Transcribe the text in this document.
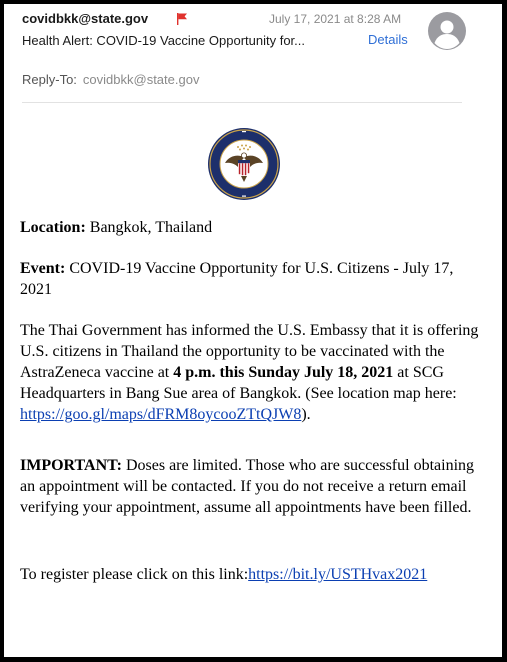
covidbkk@state.gov	July 17, 2021 at 8:28 AM
Health Alert: COVID-19 Vaccine Opportunity for...	Details
Reply-To: covidbkk@state.gov

Location: Bangkok, Thailand

Event: COVID-19 Vaccine Opportunity for U.S. Citizens - July 17, 2021

The Thai Government has informed the U.S. Embassy that it is offering U.S. citizens in Thailand the opportunity to be vaccinated with the AstraZeneca vaccine at 4 p.m. this Sunday July 18, 2021 at SCG Headquarters in Bang Sue area of Bangkok. (See location map here: https://goo.gl/maps/dFRM8oycooZTtQJW8).

IMPORTANT: Doses are limited. Those who are successful obtaining an appointment will be contacted. If you do not receive a return email verifying your appointment, assume all appointments have been filled.

To register please click on this link:https://bit.ly/USTHvax2021
